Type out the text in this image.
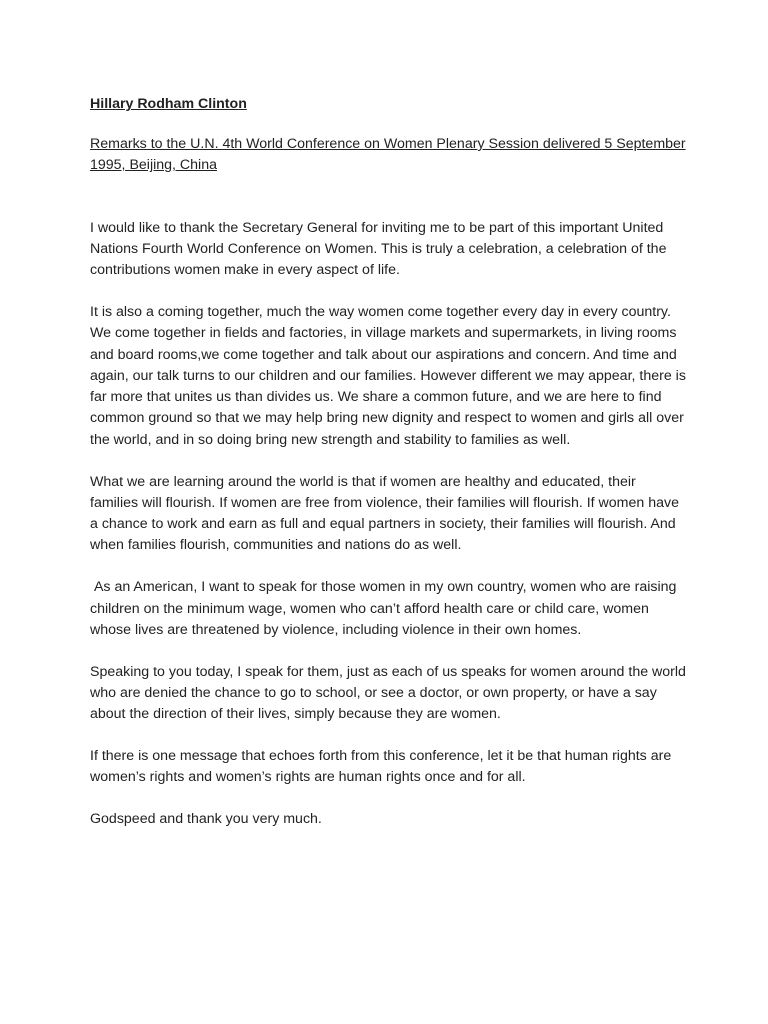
Hillary Rodham Clinton

Remarks to the U.N. 4th World Conference on Women Plenary Session delivered 5 September 1995, Beijing, China

I would like to thank the Secretary General for inviting me to be part of this important United Nations Fourth World Conference on Women. This is truly a celebration, a celebration of the contributions women make in every aspect of life.

It is also a coming together, much the way women come together every day in every country. We come together in fields and factories, in village markets and supermarkets, in living rooms and board rooms,we come together and talk about our aspirations and concern. And time and again, our talk turns to our children and our families. However different we may appear, there is far more that unites us than divides us. We share a common future, and we are here to find common ground so that we may help bring new dignity and respect to women and girls all over the world, and in so doing bring new strength and stability to families as well.

What we are learning around the world is that if women are healthy and educated, their families will flourish. If women are free from violence, their families will flourish. If women have a chance to work and earn as full and equal partners in society, their families will flourish. And when families flourish, communities and nations do as well.

As an American, I want to speak for those women in my own country, women who are raising children on the minimum wage, women who can’t afford health care or child care, women whose lives are threatened by violence, including violence in their own homes.

Speaking to you today, I speak for them, just as each of us speaks for women around the world who are denied the chance to go to school, or see a doctor, or own property, or have a say about the direction of their lives, simply because they are women.

If there is one message that echoes forth from this conference, let it be that human rights are women’s rights and women’s rights are human rights once and for all.

Godspeed and thank you very much.
